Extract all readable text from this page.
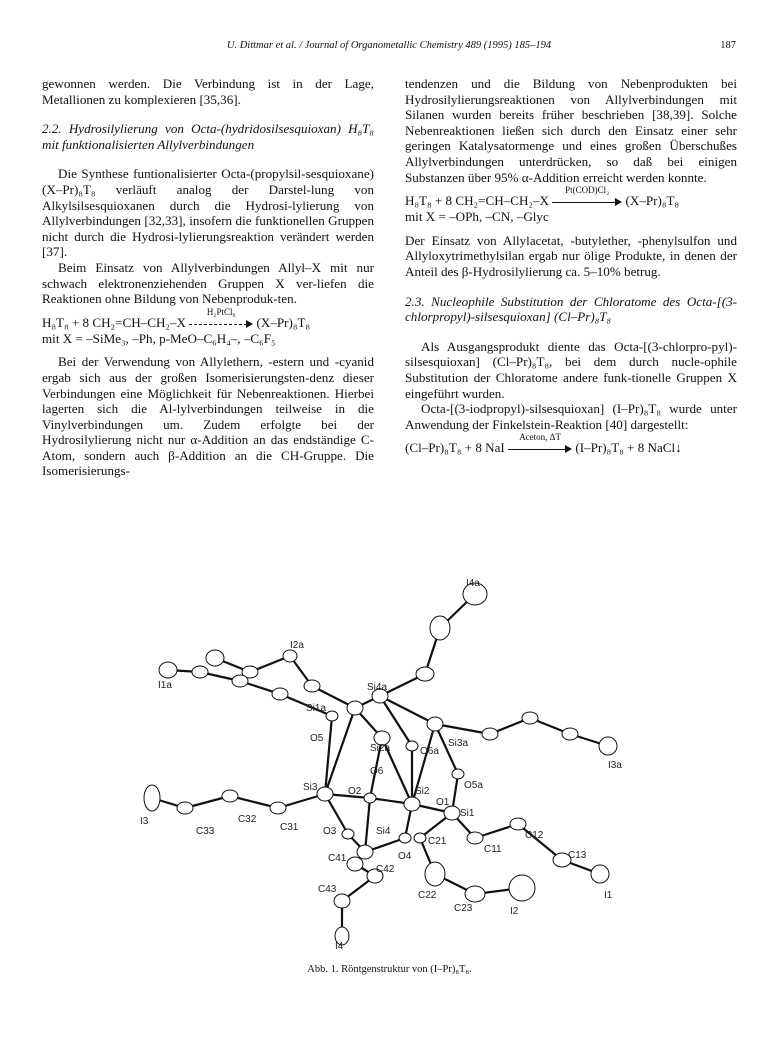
U. Dittmar et al. / Journal of Organometallic Chemistry 489 (1995) 185–194	187

gewonnen werden. Die Verbindung ist in der Lage, Metallionen zu komplexieren [35,36].

2.2. Hydrosilylierung von Octa-(hydridosilsesquioxan) H₈T₈ mit funktionalisierten Allylverbindungen

Die Synthese funtionalisierter Octa-(propylsil-sesquioxane) (X–Pr)₈T₈ verläuft analog der Darstel-lung von Alkylsilsesquioxanen durch die Hydrosi-lylierung von Allylverbindungen [32,33], insofern die funktionellen Gruppen nicht durch die Hydrosi-lylierungsreaktion verändert werden [37].

Beim Einsatz von Allylverbindungen Allyl–X mit nur schwach elektronenziehenden Gruppen X ver-liefen die Reaktionen ohne Bildung von Nebenproduk-ten.

H₈T₈ + 8 CH₂=CH–CH₂–X
H₂PtCl₆
(X–Pr)₈T₈

mit X = –SiMe₃, –Ph, p-MeO–C₆H₄–, –C₆F₅

Bei der Verwendung von Allylethern, -estern und -cyanid ergab sich aus der großen Isomerisierungsten-denz dieser Verbindungen eine Möglichkeit für Nebenreaktionen. Hierbei lagerten sich die Al-lylverbindungen teilweise in die Vinylverbindungen um. Zudem erfolgte bei der Hydrosilylierung nicht nur α-Addition an das endständige C-Atom, sondern auch β-Addition an die CH-Gruppe. Die Isomerisierungs-

tendenzen und die Bildung von Nebenprodukten bei Hydrosilylierungsreaktionen von Allylverbindungen mit Silanen wurden bereits früher beschrieben [38,39]. Solche Nebenreaktionen ließen sich durch den Einsatz einer sehr geringen Katalysatormenge und eines großen Überschußes Allylverbindungen unterdrücken, so daß bei einigen Substanzen über 95% α-Addition erreicht werden konnte.

H₈T₈ + 8 CH₂=CH–CH₂–X
Pt(COD)Cl₂
(X–Pr)₈T₈

mit X = –OPh, –CN, –Glyc

Der Einsatz von Allylacetat, -butylether, -phenylsulfon und Allyloxytrimethylsilan ergab nur ölige Produkte, in denen der Anteil des β-Hydrosilylierung ca. 5–10% betrug.

2.3. Nucleophile Substitution der Chloratome des Octa-[(3-chlorpropyl)-silsesquioxan] (Cl–Pr)₈T₈

Als Ausgangsprodukt diente das Octa-[(3-chlorpro-pyl)-silsesquioxan] (Cl–Pr)₈T₈, bei dem durch nucle-ophile Substitution der Chloratome andere funk-tionelle Gruppen X eingeführt wurden.

Octa-[(3-iodpropyl)-silsesquioxan] (I–Pr)₈T₈ wurde unter Anwendung der Finkelstein-Reaktion [40] dargestellt:

(Cl–Pr)₈T₈ + 8 NaI
Aceton, ΔT
(I–Pr)₈T₈ + 8 NaCl↓

I4a
I2a
I1a	Si4a
Si1a
Si3a
I3a
O5
Si2a	O6a
O6
O5a
Si3	O2	Si2
O1
Si1
I3	C32
O3	Si4
O4
C21
C11
C12
C33	C31
C41
C42
C13
C43
C22	I1
C23	I2
I4
Abb. 1. Röntgenstruktur von (I–Pr)₈T₈.
